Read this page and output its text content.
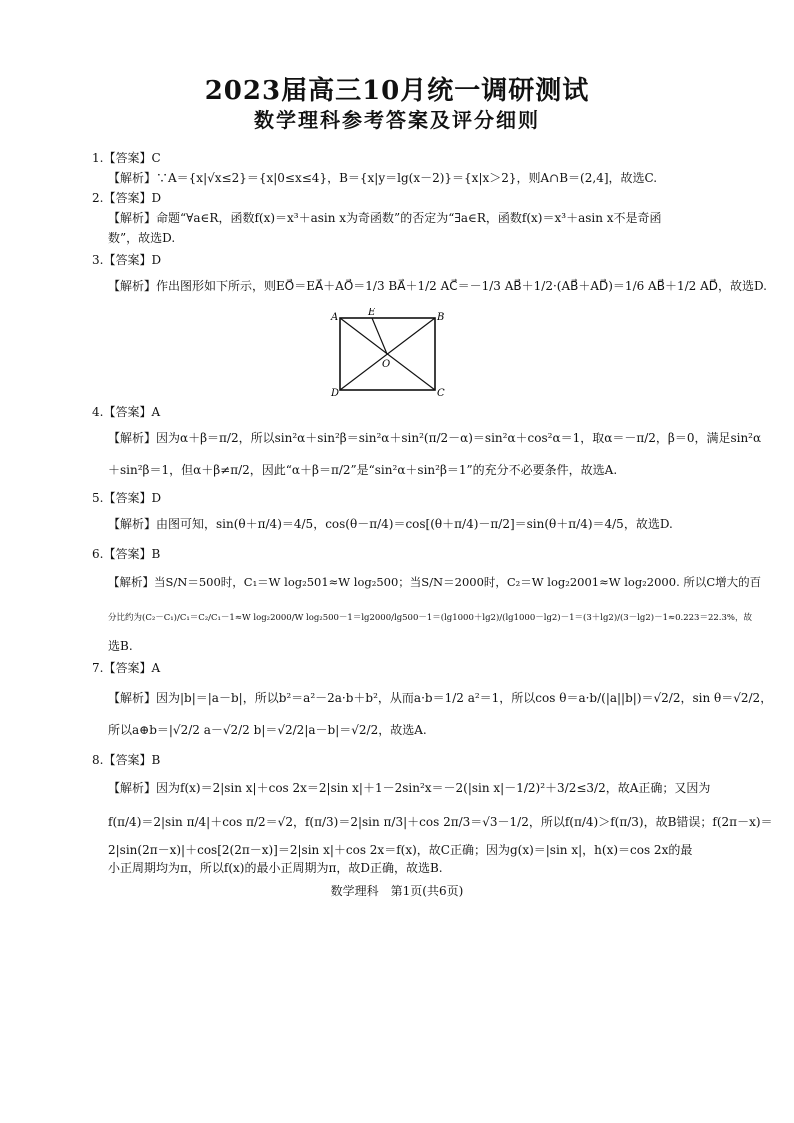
2023届高三10月统一调研测试
数学理科参考答案及评分细则
1.【答案】C
【解析】∵A＝{x|√x≤2}＝{x|0≤x≤4}，B＝{x|y＝lg(x－2)}＝{x|x＞2}，则A∩B＝(2,4]，故选C.
2.【答案】D
【解析】命题“∀a∈R，函数f(x)＝x³＋asin x为奇函数”的否定为“∃a∈R，函数f(x)＝x³＋asin x不是奇函
数”，故选D.
3.【答案】D
【解析】作出图形如下所示，则EO⃗＝EA⃗＋AO⃗＝1/3 BA⃗＋1/2 AC⃗＝－1/3 AB⃗＋1/2·(AB⃗＋AD⃗)＝1/6 AB⃗＋1/2 AD⃗，故选D.
A	E	B
O
D	C
4.【答案】A
【解析】因为α＋β＝π/2，所以sin²α＋sin²β＝sin²α＋sin²(π/2－α)＝sin²α＋cos²α＝1，取α＝－π/2，β＝0，满足sin²α
＋sin²β＝1，但α＋β≠π/2，因此“α＋β＝π/2”是“sin²α＋sin²β＝1”的充分不必要条件，故选A.
5.【答案】D
【解析】由图可知，sin(θ＋π/4)＝4/5，cos(θ－π/4)＝cos[(θ＋π/4)－π/2]＝sin(θ＋π/4)＝4/5，故选D.
6.【答案】B
【解析】当S/N＝500时，C₁＝W log₂501≈W log₂500；当S/N＝2000时，C₂＝W log₂2001≈W log₂2000. 所以C增大的百
分比约为(C₂－C₁)/C₁＝C₂/C₁－1≈W log₂2000/W log₂500－1＝lg2000/lg500－1＝(lg1000＋lg2)/(lg1000－lg2)－1＝(3＋lg2)/(3－lg2)－1≈0.223＝22.3%，故
选B.
7.【答案】A
【解析】因为|b|＝|a－b|，所以b²＝a²－2a·b＋b²，从而a·b＝1/2 a²＝1，所以cos θ＝a·b/(|a||b|)＝√2/2，sin θ＝√2/2，
所以a⊕b＝|√2/2 a－√2/2 b|＝√2/2|a－b|＝√2/2，故选A.
8.【答案】B
【解析】因为f(x)＝2|sin x|＋cos 2x＝2|sin x|＋1－2sin²x＝－2(|sin x|－1/2)²＋3/2≤3/2，故A正确；又因为
f(π/4)＝2|sin π/4|＋cos π/2＝√2，f(π/3)＝2|sin π/3|＋cos 2π/3＝√3－1/2，所以f(π/4)＞f(π/3)，故B错误；f(2π－x)＝
2|sin(2π－x)|＋cos[2(2π－x)]＝2|sin x|＋cos 2x＝f(x)，故C正确；因为g(x)＝|sin x|，h(x)＝cos 2x的最
小正周期均为π，所以f(x)的最小正周期为π，故D正确，故选B.
数学理科　第1页(共6页)
